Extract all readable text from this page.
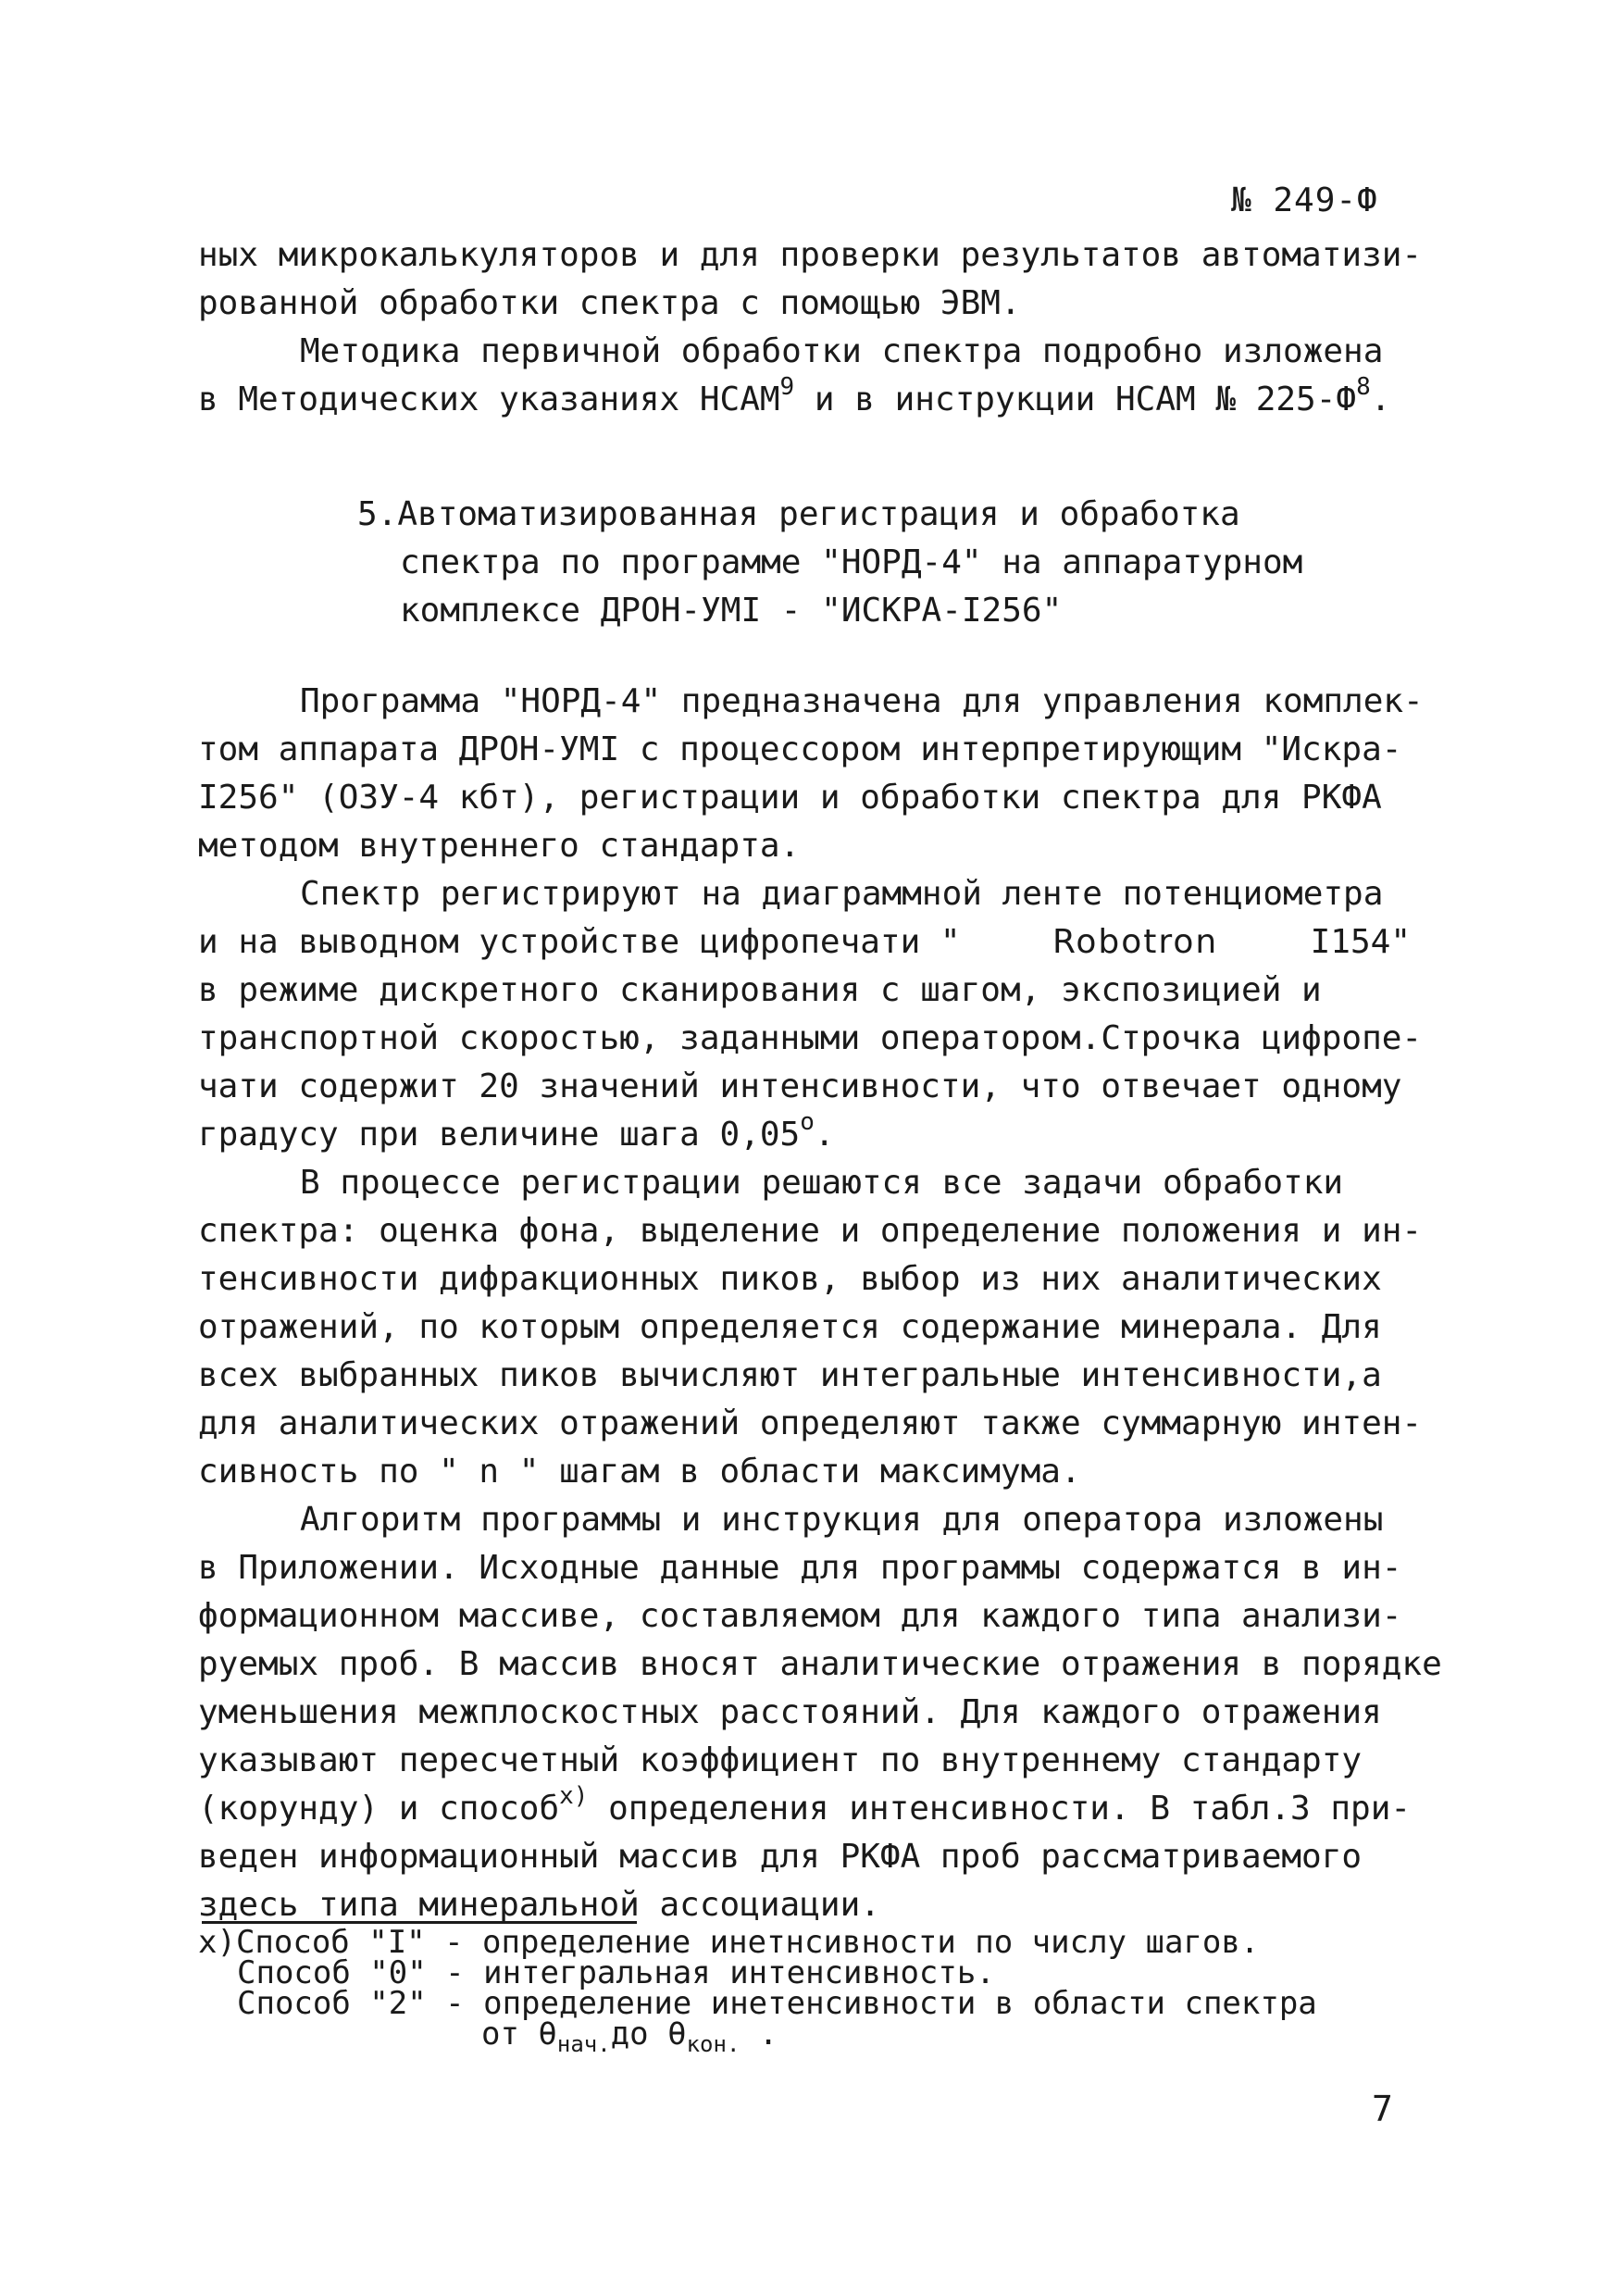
№ 249-Ф
ных микрокалькуляторов и для проверки результатов автоматизи-
рованной обработки спектра с помощью ЭВМ.
Методика первичной обработки спектра подробно изложена
в Методических указаниях НСАМ$^9$ и в инструкции НСАМ № $225-Ф^8$.
5.Автоматизированная регистрация и обработка
спектра по программе "НОРД-4" на аппаратурном
комплексе ДРОН-УМI - "ИСКРА-I256"
Программа "НОРД-4" предназначена для управления комплек-
том аппарата ДРОН-УМI с процессором интерпретирующим "Искра-
I256" (ОЗУ-4 кбт), регистрации и обработки спектра для РКФА
методом внутреннего стандарта.
Спектр регистрируют на диаграммной ленте потенциометра
и на выводном устройстве цифропечати "	Robotron	I154"
в режиме дискретного сканирования с шагом, экспозицией и
транспортной скоростью, заданными оператором.Строчка цифропе-
чати содержит 20 значений интенсивности, что отвечает одному
градусу при величине шага $0,05^о$.
В процессе регистрации решаются все задачи обработки
спектра: оценка фона, выделение и определение положения и ин-
тенсивности дифракционных пиков, выбор из них аналитических
отражений, по которым определяется содержание минерала. Для
всех выбранных пиков вычисляют интегральные интенсивности,а
для аналитических отражений определяют также суммарную интен-
сивность по " n " шагам в области максимума.
Алгоритм программы и инструкция для оператора изложены
в Приложении. Исходные данные для программы содержатся в ин-
формационном массиве, составляемом для каждого типа анализи-
руемых проб. В массив вносят аналитические отражения в порядке
уменьшения межплоскостных расстояний. Для каждого отражения
указывают пересчетный коэффициент по внутреннему стандарту
(корунду) и способ$^{х)}$ определения интенсивности. В табл.3 при-
веден информационный массив для РКФА проб рассматриваемого
здесь типа минеральной ассоциации.
х)Способ "I" - определение инетнсивности по числу шагов.
Способ "0" - интегральная интенсивность.
Способ "2" - определение инетенсивности в области спектра
от $\theta_{нач.}до$ $\theta_{кон.}$ .
7
